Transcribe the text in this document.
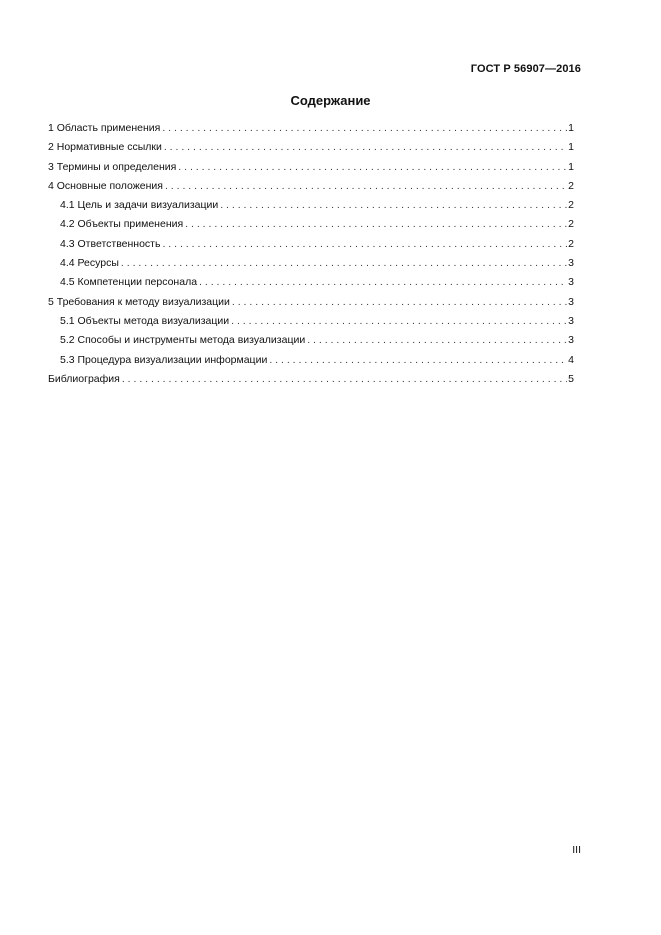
ГОСТ Р 56907—2016
Содержание
1 Область применения . . .	1
2 Нормативные ссылки . . .	1
3 Термины и определения . . .	1
4 Основные положения . . .	2
4.1 Цель и задачи визуализации . . .	2
4.2 Объекты применения . . .	2
4.3 Ответственность . . .	2
4.4 Ресурсы . . .	3
4.5 Компетенции персонала . . .	3
5 Требования к методу визуализации . . .	3
5.1 Объекты метода визуализации . . .	3
5.2 Способы и инструменты метода визуализации . . .	3
5.3 Процедура визуализации информации . . .	4
Библиография . . .	5
III
